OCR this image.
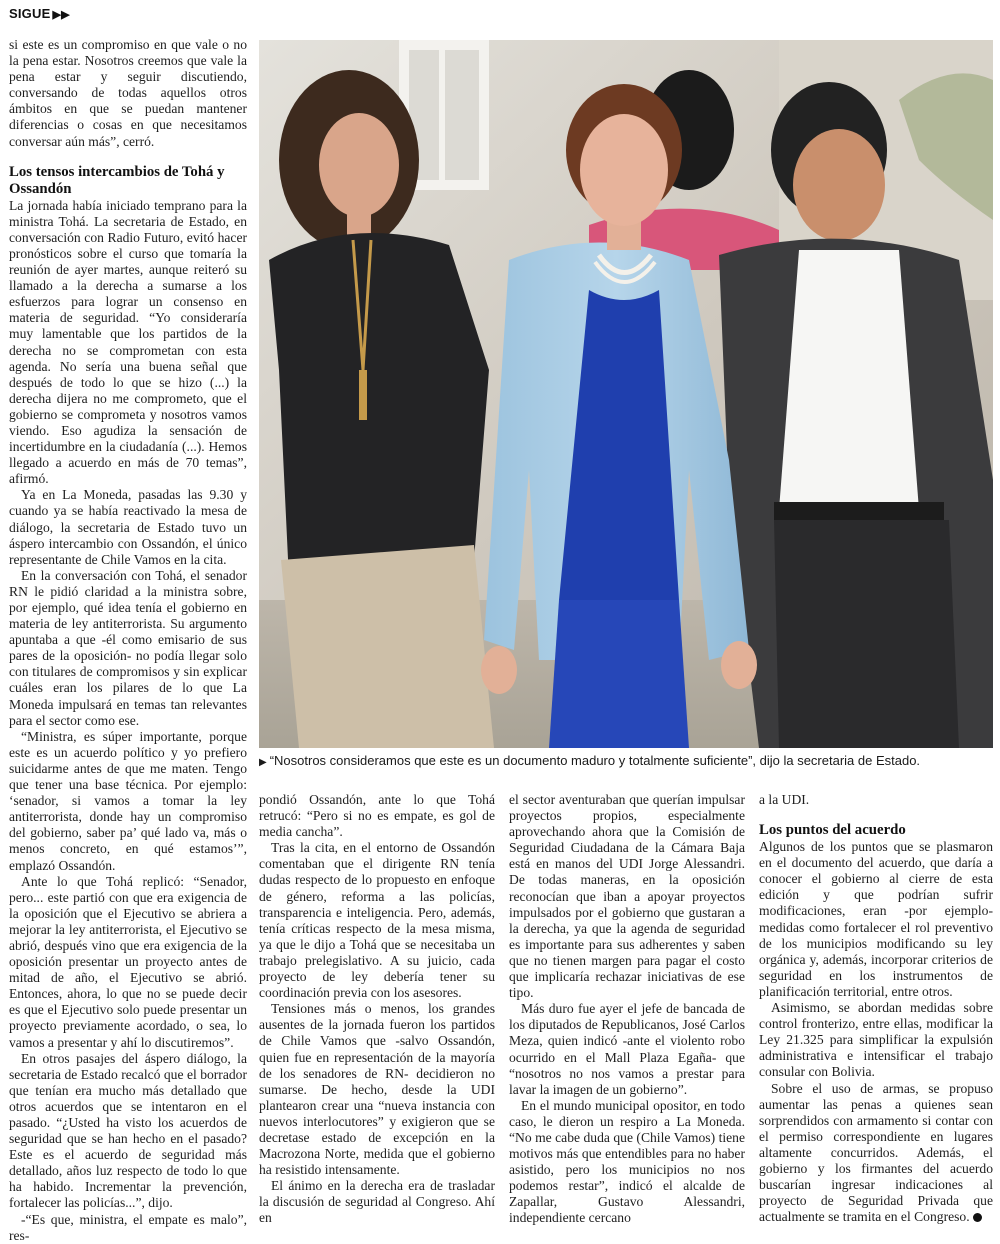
SIGUE ▶▶

si este es un compromiso en que vale o no la pena estar. Nosotros creemos que vale la pena estar y seguir discutiendo, conversando de todas aquellos otros ámbitos en que se puedan mantener diferencias o cosas en que necesitamos conversar aún más”, cerró.

Los tensos intercambios de Tohá y Ossandón

La jornada había iniciado temprano para la ministra Tohá. La secretaria de Estado, en conversación con Radio Futuro, evitó hacer pronósticos sobre el curso que tomaría la reunión de ayer martes, aunque reiteró su llamado a la derecha a sumarse a los esfuerzos para lograr un consenso en materia de seguridad. “Yo consideraría muy lamentable que los partidos de la derecha no se comprometan con esta agenda. No sería una buena señal que después de todo lo que se hizo (...) la derecha dijera no me comprometo, que el gobierno se comprometa y nosotros vamos viendo. Eso agudiza la sensación de incertidumbre en la ciudadanía (...). Hemos llegado a acuerdo en más de 70 temas”, afirmó.

Ya en La Moneda, pasadas las 9.30 y cuando ya se había reactivado la mesa de diálogo, la secretaria de Estado tuvo un áspero intercambio con Ossandón, el único representante de Chile Vamos en la cita.

En la conversación con Tohá, el senador RN le pidió claridad a la ministra sobre, por ejemplo, qué idea tenía el gobierno en materia de ley antiterrorista. Su argumento apuntaba a que -él como emisario de sus pares de la oposición- no podía llegar solo con titulares de compromisos y sin explicar cuáles eran los pilares de lo que La Moneda impulsará en temas tan relevantes para el sector como ese.

“Ministra, es súper importante, porque este es un acuerdo político y yo prefiero suicidarme antes de que me maten. Tengo que tener una base técnica. Por ejemplo: ‘senador, si vamos a tomar la ley antiterrorista, donde hay un compromiso del gobierno, saber pa’ qué lado va, más o menos concreto, en qué estamos’”, emplazó Ossandón.

Ante lo que Tohá replicó: “Senador, pero... este partió con que era exigencia de la oposición que el Ejecutivo se abriera a mejorar la ley antiterrorista, el Ejecutivo se abrió, después vino que era exigencia de la oposición presentar un proyecto antes de mitad de año, el Ejecutivo se abrió. Entonces, ahora, lo que no se puede decir es que el Ejecutivo solo puede presentar un proyecto previamente acordado, o sea, lo vamos a presentar y ahí lo discutiremos”.

En otros pasajes del áspero diálogo, la secretaria de Estado recalcó que el borrador que tenían era mucho más detallado que otros acuerdos que se intentaron en el pasado. “¿Usted ha visto los acuerdos de seguridad que se han hecho en el pasado? Este es el acuerdo de seguridad más detallado, años luz respecto de todo lo que ha habido. Incrementar la prevención, fortalecer las policías...”, dijo.

-“Es que, ministra, el empate es malo”, res-

▶ “Nosotros consideramos que este es un documento maduro y totalmente suficiente”, dijo la secretaria de Estado.

pondió Ossandón, ante lo que Tohá retrucó: “Pero si no es empate, es gol de media cancha”.

Tras la cita, en el entorno de Ossandón comentaban que el dirigente RN tenía dudas respecto de lo propuesto en enfoque de género, reforma a las policías, transparencia e inteligencia. Pero, además, tenía críticas respecto de la mesa misma, ya que le dijo a Tohá que se necesitaba un trabajo prelegislativo. A su juicio, cada proyecto de ley debería tener su coordinación previa con los asesores.

Tensiones más o menos, los grandes ausentes de la jornada fueron los partidos de Chile Vamos que -salvo Ossandón, quien fue en representación de la mayoría de los senadores de RN- decidieron no sumarse. De hecho, desde la UDI plantearon crear una “nueva instancia con nuevos interlocutores” y exigieron que se decretase estado de excepción en la Macrozona Norte, medida que el gobierno ha resistido intensamente.

El ánimo en la derecha era de trasladar la discusión de seguridad al Congreso. Ahí en

el sector aventuraban que querían impulsar proyectos propios, especialmente aprovechando ahora que la Comisión de Seguridad Ciudadana de la Cámara Baja está en manos del UDI Jorge Alessandri. De todas maneras, en la oposición reconocían que iban a apoyar proyectos impulsados por el gobierno que gustaran a la derecha, ya que la agenda de seguridad es importante para sus adherentes y saben que no tienen margen para pagar el costo que implicaría rechazar iniciativas de ese tipo.

Más duro fue ayer el jefe de bancada de los diputados de Republicanos, José Carlos Meza, quien indicó -ante el violento robo ocurrido en el Mall Plaza Egaña- que “nosotros no nos vamos a prestar para lavar la imagen de un gobierno”.

En el mundo municipal opositor, en todo caso, le dieron un respiro a La Moneda. “No me cabe duda que (Chile Vamos) tiene motivos más que entendibles para no haber asistido, pero los municipios no nos podemos restar”, indicó el alcalde de Zapallar, Gustavo Alessandri, independiente cercano

a la UDI.

Los puntos del acuerdo

Algunos de los puntos que se plasmaron en el documento del acuerdo, que daría a conocer el gobierno al cierre de esta edición y que podrían sufrir modificaciones, eran -por ejemplo- medidas como fortalecer el rol preventivo de los municipios modificando su ley orgánica y, además, incorporar criterios de seguridad en los instrumentos de planificación territorial, entre otros.

Asimismo, se abordan medidas sobre control fronterizo, entre ellas, modificar la Ley 21.325 para simplificar la expulsión administrativa e intensificar el trabajo consular con Bolivia.

Sobre el uso de armas, se propuso aumentar las penas a quienes sean sorprendidos con armamento si contar con el permiso correspondiente en lugares altamente concurridos. Además, el gobierno y los firmantes del acuerdo buscarían ingresar indicaciones al proyecto de Seguridad Privada que actualmente se tramita en el Congreso.
